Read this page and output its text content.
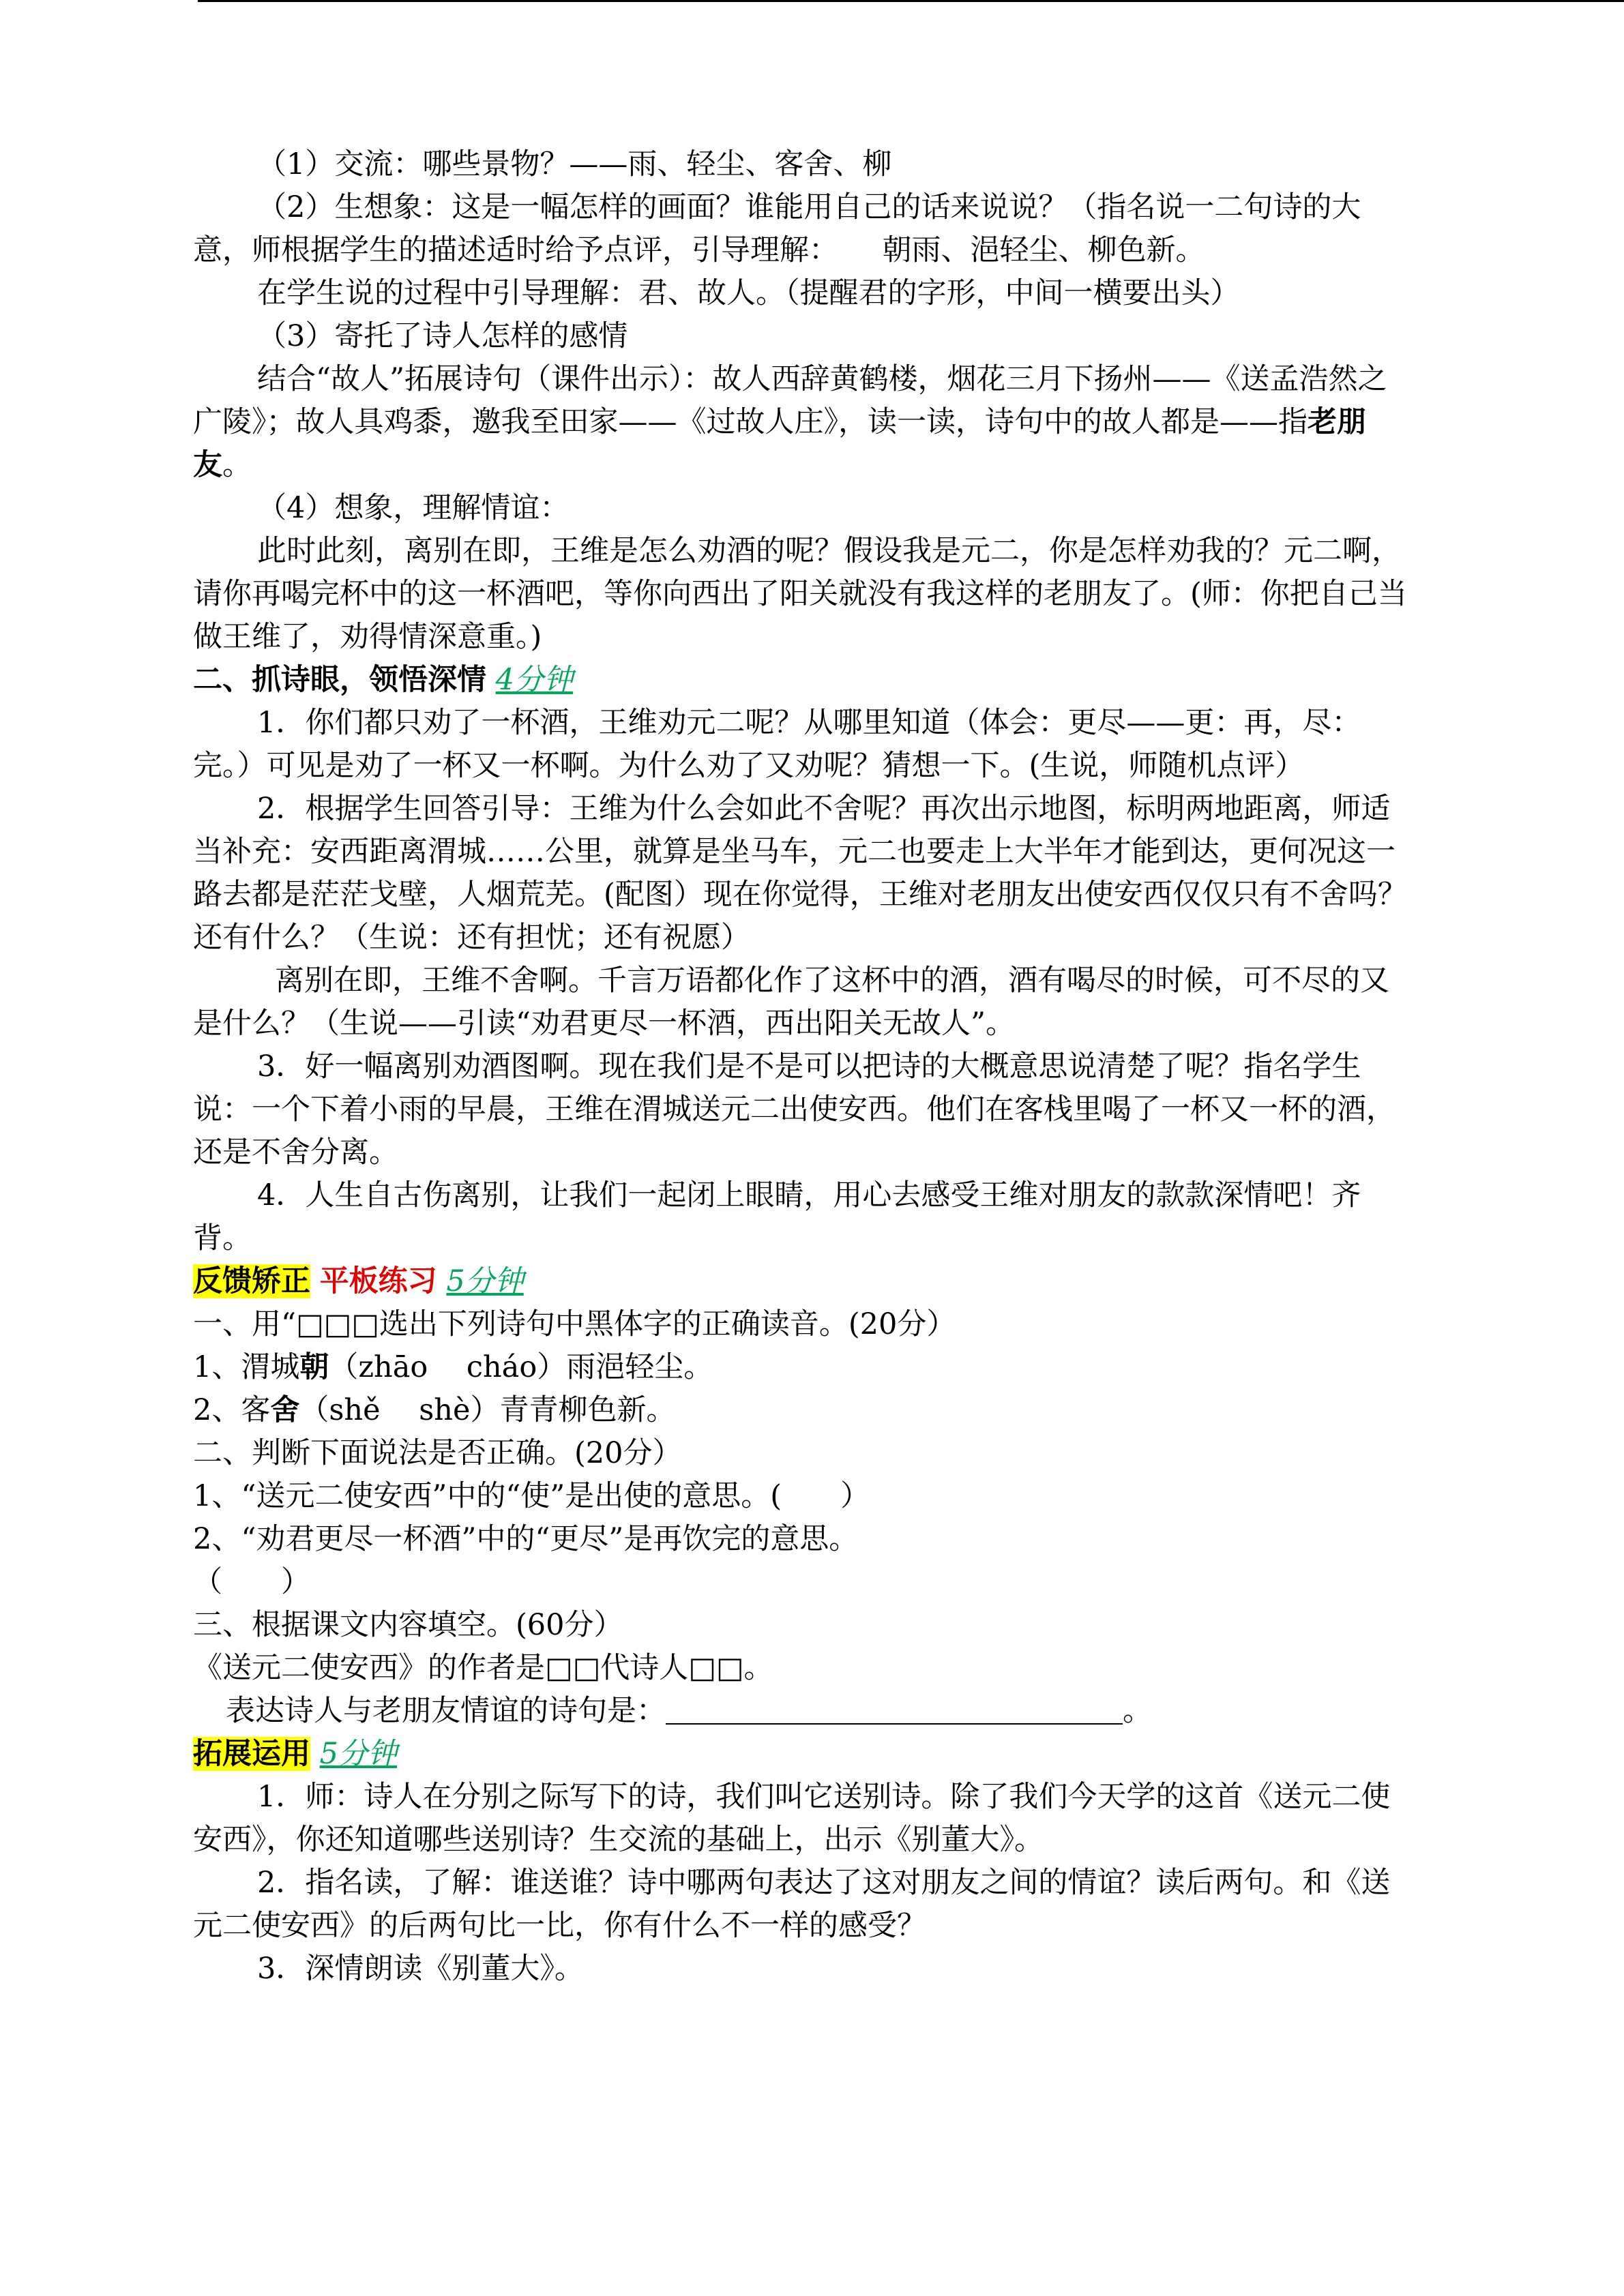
（1）交流：哪些景物？——雨、轻尘、客舍、柳

（2）生想象：这是一幅怎样的画面？谁能用自己的话来说说？（指名说一二句诗的大意，师根据学生的描述适时给予点评，引导理解：　　朝雨、浥轻尘、柳色新。

在学生说的过程中引导理解：君、故人。（提醒君的字形，中间一横要出头）

（3）寄托了诗人怎样的感情

结合“故人”拓展诗句（课件出示）：故人西辞黄鹤楼，烟花三月下扬州——《送孟浩然之广陵》；故人具鸡黍，邀我至田家——《过故人庄》，读一读，诗句中的故人都是——指老朋友。

（4）想象，理解情谊：

此时此刻，离别在即，王维是怎么劝酒的呢？假设我是元二，你是怎样劝我的？元二啊，请你再喝完杯中的这一杯酒吧，等你向西出了阳关就没有我这样的老朋友了。(师：你把自己当做王维了，劝得情深意重。)

二、抓诗眼，领悟深情 4分钟

1．你们都只劝了一杯酒，王维劝元二呢？从哪里知道（体会：更尽——更：再，尽：完。）可见是劝了一杯又一杯啊。为什么劝了又劝呢？猜想一下。(生说，师随机点评）

2．根据学生回答引导：王维为什么会如此不舍呢？再次出示地图，标明两地距离，师适当补充：安西距离渭城……公里，就算是坐马车，元二也要走上大半年才能到达，更何况这一路去都是茫茫戈壁，人烟荒芜。(配图）现在你觉得，王维对老朋友出使安西仅仅只有不舍吗？还有什么？（生说：还有担忧；还有祝愿）

离别在即，王维不舍啊。千言万语都化作了这杯中的酒，酒有喝尽的时候，可不尽的又是什么？（生说——引读“劝君更尽一杯酒，西出阳关无故人”。

3．好一幅离别劝酒图啊。现在我们是不是可以把诗的大概意思说清楚了呢？指名学生说：一个下着小雨的早晨，王维在渭城送元二出使安西。他们在客栈里喝了一杯又一杯的酒，还是不舍分离。

4．人生自古伤离别，让我们一起闭上眼睛，用心去感受王维对朋友的款款深情吧！齐背。

反馈矫正 平板练习 5分钟

一、用“□□□选出下列诗句中黑体字的正确读音。(20分）

1、渭城朝（zhāo　 cháo）雨浥轻尘。

2、客舍（shě　 shè）青青柳色新。

二、判断下面说法是否正确。(20分）

1、“送元二使安西”中的“使”是出使的意思。(　　）

2、“劝君更尽一杯酒”中的“更尽”是再饮完的意思。

（　　）

三、根据课文内容填空。(60分）

《送元二使安西》的作者是□□代诗人□□。

表达诗人与老朋友情谊的诗句是：	。

拓展运用 5分钟

1．师：诗人在分别之际写下的诗，我们叫它送别诗。除了我们今天学的这首《送元二使安西》，你还知道哪些送别诗？生交流的基础上，出示《别董大》。

2．指名读，了解：谁送谁？诗中哪两句表达了这对朋友之间的情谊？读后两句。和《送元二使安西》的后两句比一比，你有什么不一样的感受？

3．深情朗读《别董大》。
